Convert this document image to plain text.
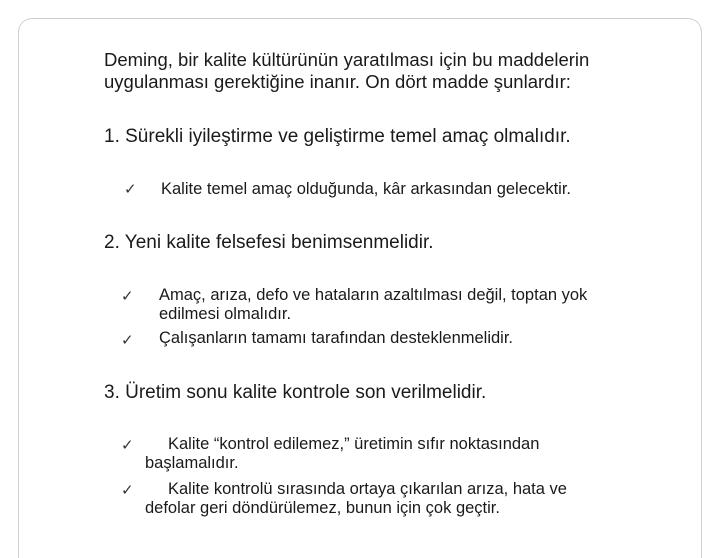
Deming, bir kalite kültürünün yaratılması için bu maddelerin
uygulanması gerektiğine inanır. On dört madde şunlardır:
1. Sürekli iyileştirme ve geliştirme temel amaç olmalıdır.
✓ Kalite temel amaç olduğunda, kâr arkasından gelecektir.
2. Yeni kalite felsefesi benimsenmelidir.
✓ Amaç, arıza, defo ve hataların azaltılması değil, toptan yok
edilmesi olmalıdır.
✓ Çalışanların tamamı tarafından desteklenmelidir.
3. Üretim sonu kalite kontrole son verilmelidir.
✓ Kalite “kontrol edilemez,” üretimin sıfır noktasından
başlamalıdır.
✓ Kalite kontrolü sırasında ortaya çıkarılan arıza, hata ve
defolar geri döndürülemez, bunun için çok geçtir.
